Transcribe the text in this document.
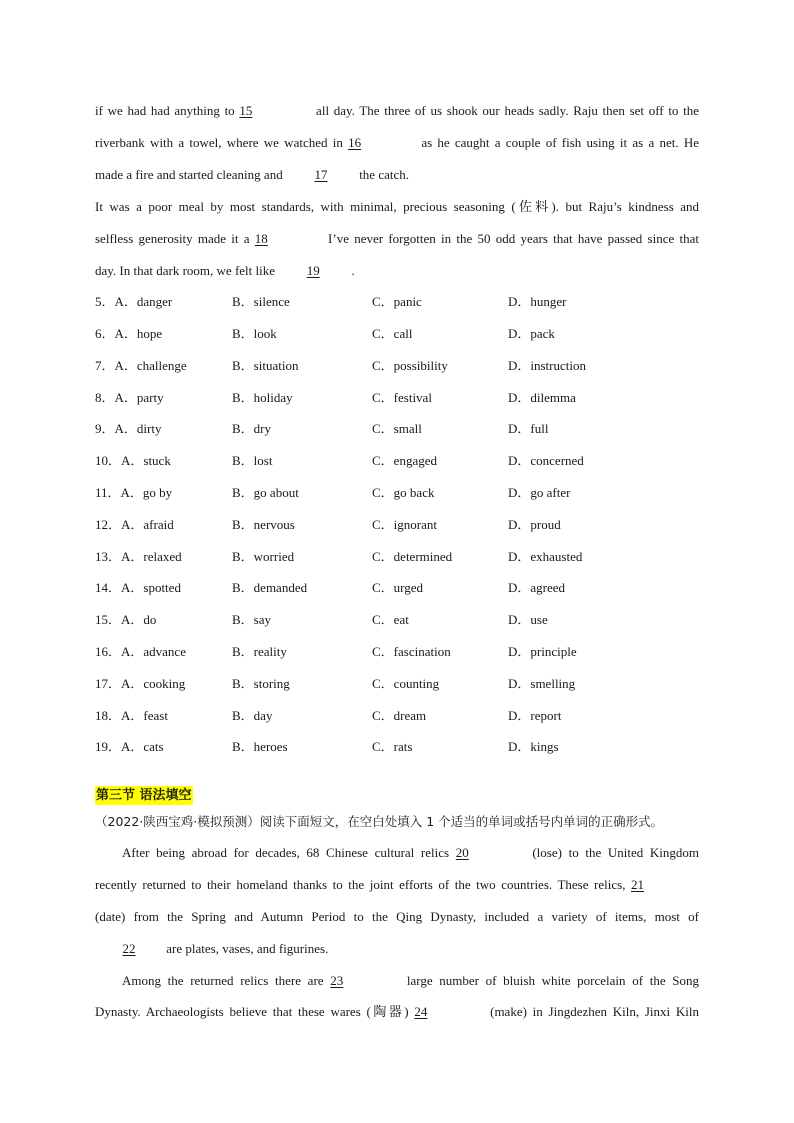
if we had had anything to 15	all day. The three of us shook our heads sadly. Raju then set off to the
riverbank with a towel, where we watched in 16	as he caught a couple of fish using it as a net. He
made a fire and started cleaning and 17 the catch.
It was a poor meal by most standards, with minimal, precious seasoning (佐料). but Raju’s kindness and
selfless generosity made it a 18	I’ve never forgotten in the 50 odd years that have passed since that
day. In that dark room, we felt like 19 .
5．A．danger	B．silence	C．panic	D．hunger
6．A．hope	B．look	C．call	D．pack
7．A．challenge	B．situation	C．possibility	D．instruction
8．A．party	B．holiday	C．festival	D．dilemma
9．A．dirty	B．dry	C．small	D．full
10．A．stuck	B．lost	C．engaged	D．concerned
11．A．go by	B．go about	C．go back	D．go after
12．A．afraid	B．nervous	C．ignorant	D．proud
13．A．relaxed	B．worried	C．determined	D．exhausted
14．A．spotted	B．demanded	C．urged	D．agreed
15．A．do	B．say	C．eat	D．use
16．A．advance	B．reality	C．fascination	D．principle
17．A．cooking	B．storing	C．counting	D．smelling
18．A．feast	B．day	C．dream	D．report
19．A．cats	B．heroes	C．rats	D．kings
第三节 语法填空
（2022·陕西宝鸡·模拟预测）阅读下面短文，在空白处填入 1 个适当的单词或括号内单词的正确形式。
After being abroad for decades, 68 Chinese cultural relics 20	(lose) to the United Kingdom
recently returned to their homeland thanks to the joint efforts of the two countries. These relics, 21
(date) from the Spring and Autumn Period to the Qing Dynasty, included a variety of items, most of
22 are plates, vases, and figurines.
Among the returned relics there are 23	large number of bluish white porcelain of the Song
Dynasty. Archaeologists believe that these wares (陶器) 24	(make) in Jingdezhen Kiln, Jinxi Kiln
